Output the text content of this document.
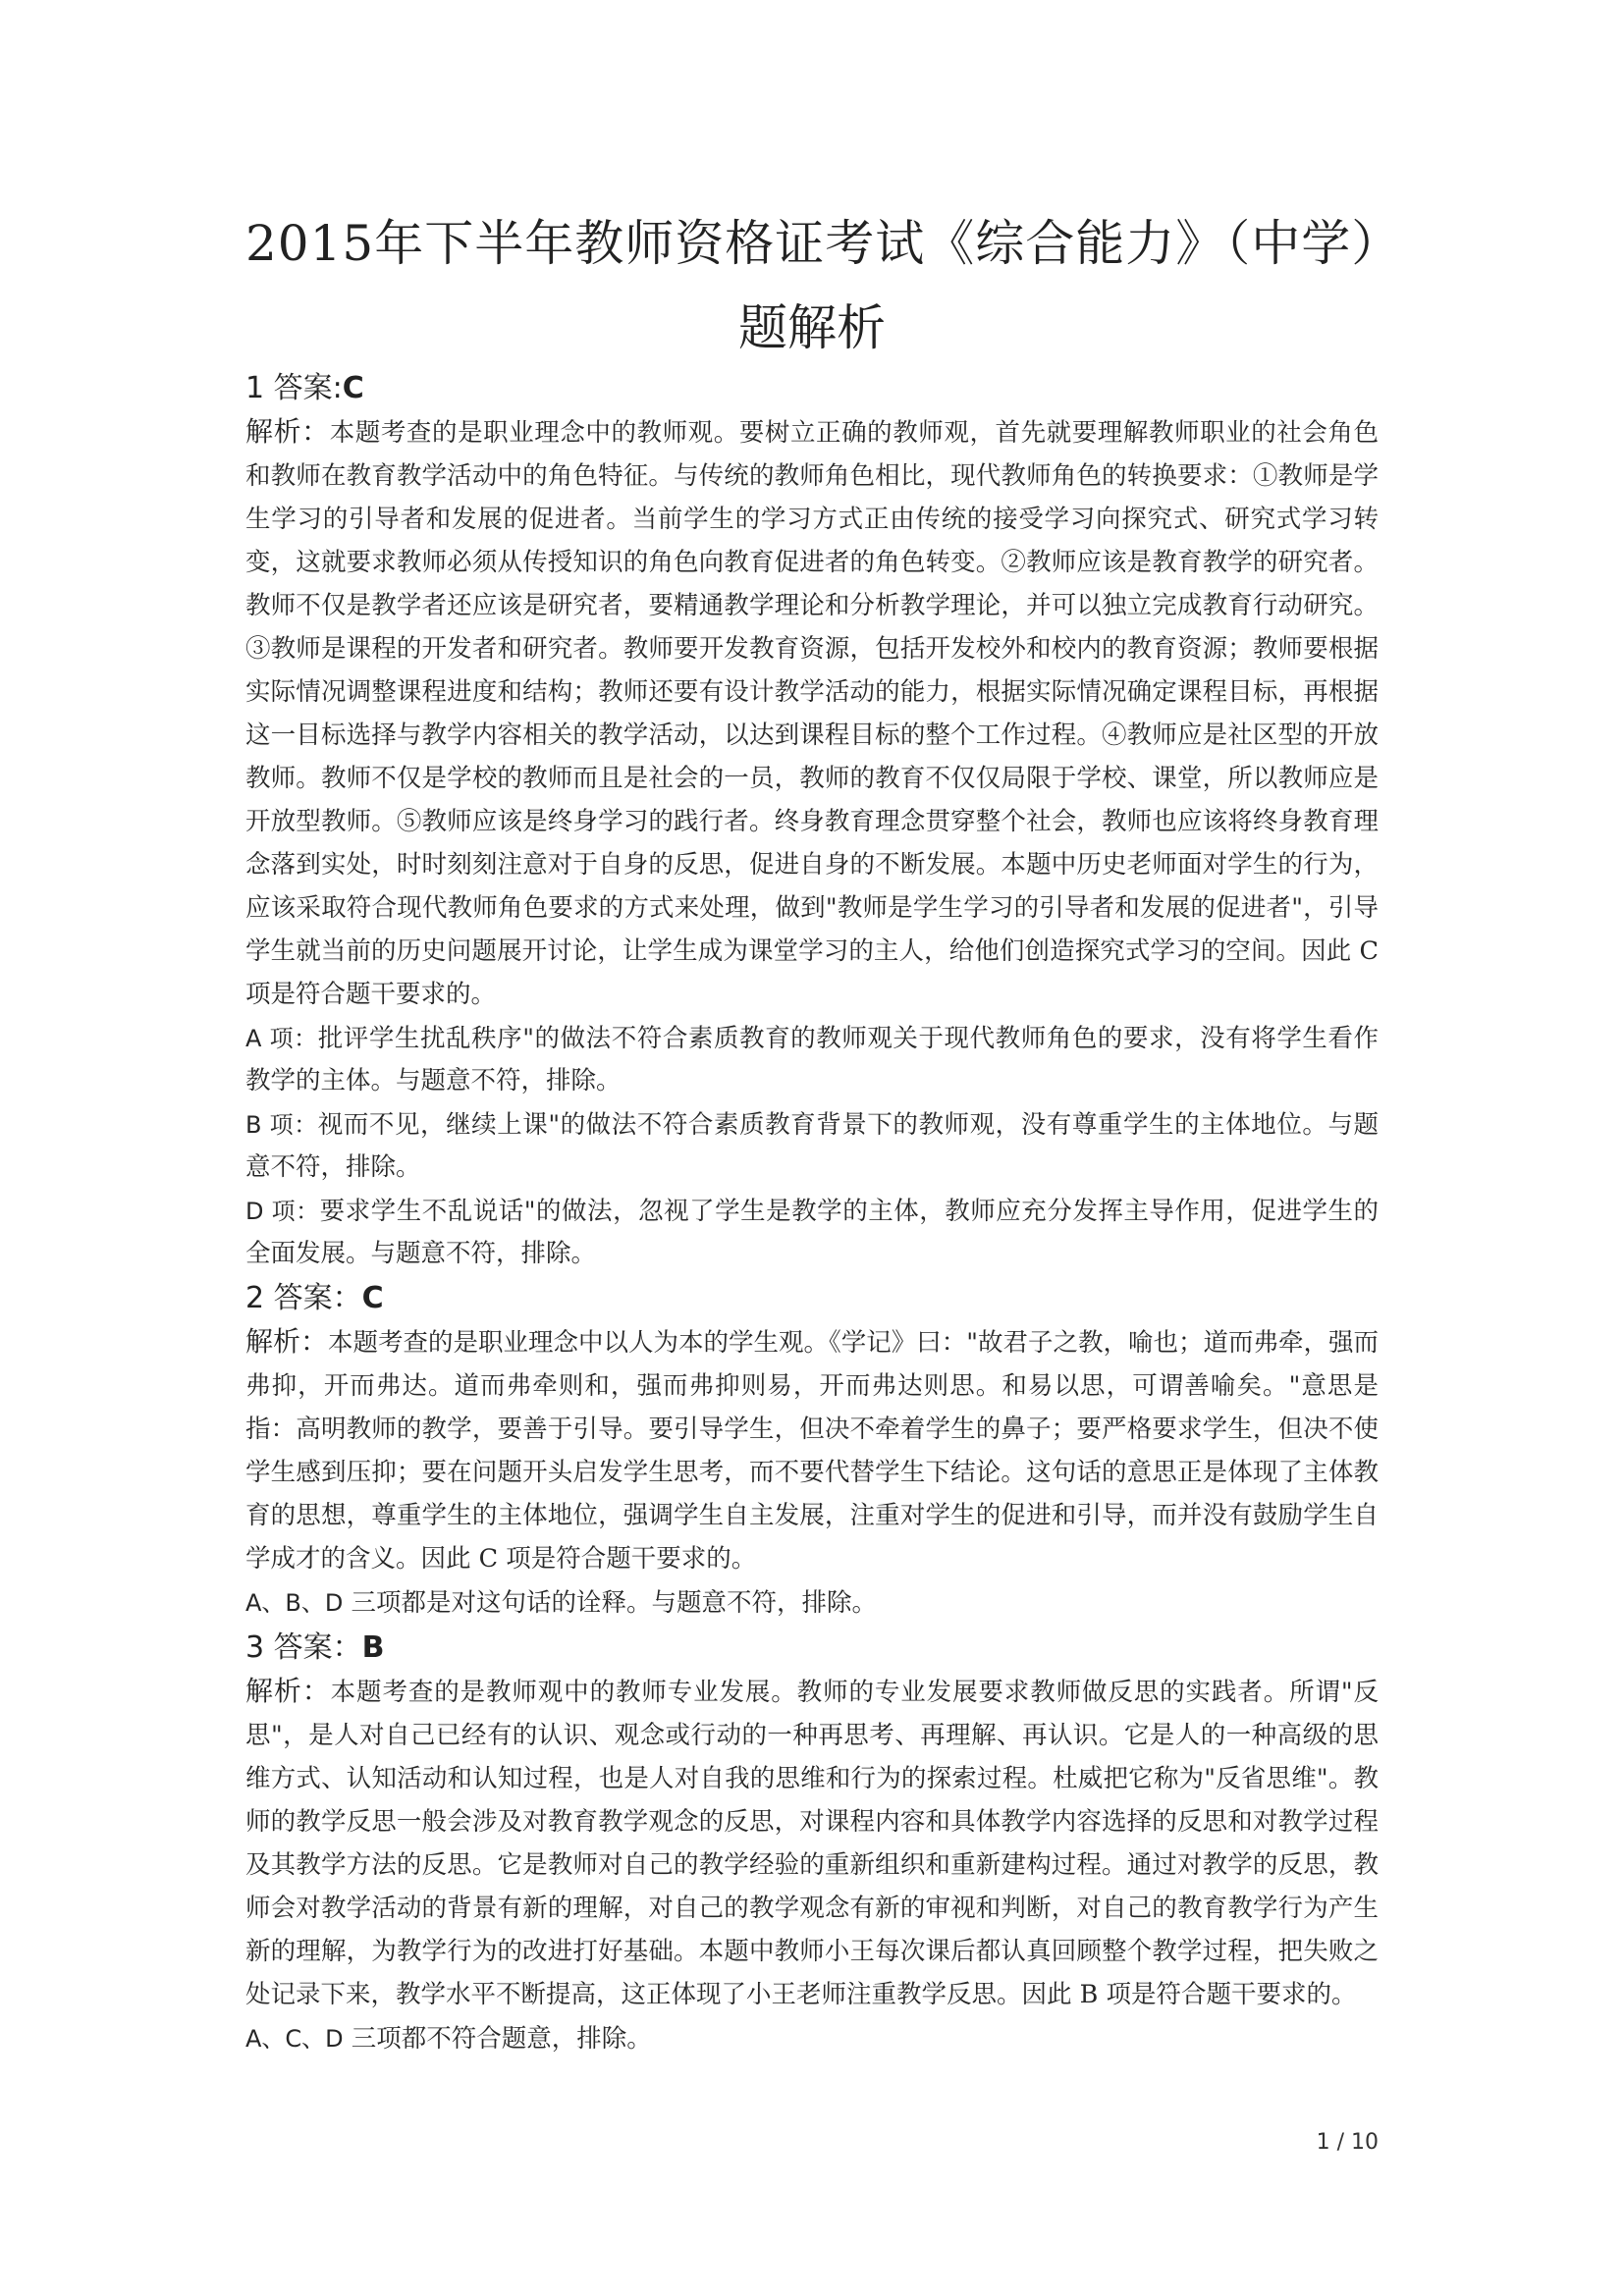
2015年下半年教师资格证考试《综合能力》（中学）
题解析

1 答案:C

解析：本题考查的是职业理念中的教师观。要树立正确的教师观，首先就要理解教师职业的社会角色和教师在教育教学活动中的角色特征。与传统的教师角色相比，现代教师角色的转换要求：①教师是学生学习的引导者和发展的促进者。当前学生的学习方式正由传统的接受学习向探究式、研究式学习转变，这就要求教师必须从传授知识的角色向教育促进者的角色转变。②教师应该是教育教学的研究者。教师不仅是教学者还应该是研究者，要精通教学理论和分析教学理论，并可以独立完成教育行动研究。③教师是课程的开发者和研究者。教师要开发教育资源，包括开发校外和校内的教育资源；教师要根据实际情况调整课程进度和结构；教师还要有设计教学活动的能力，根据实际情况确定课程目标，再根据这一目标选择与教学内容相关的教学活动，以达到课程目标的整个工作过程。④教师应是社区型的开放教师。教师不仅是学校的教师而且是社会的一员，教师的教育不仅仅局限于学校、课堂，所以教师应是开放型教师。⑤教师应该是终身学习的践行者。终身教育理念贯穿整个社会，教师也应该将终身教育理念落到实处，时时刻刻注意对于自身的反思，促进自身的不断发展。本题中历史老师面对学生的行为，应该采取符合现代教师角色要求的方式来处理，做到"教师是学生学习的引导者和发展的促进者"，引导学生就当前的历史问题展开讨论，让学生成为课堂学习的主人，给他们创造探究式学习的空间。因此 C 项是符合题干要求的。

A 项：批评学生扰乱秩序"的做法不符合素质教育的教师观关于现代教师角色的要求，没有将学生看作教学的主体。与题意不符，排除。

B 项：视而不见，继续上课"的做法不符合素质教育背景下的教师观，没有尊重学生的主体地位。与题意不符，排除。

D 项：要求学生不乱说话"的做法，忽视了学生是教学的主体，教师应充分发挥主导作用，促进学生的全面发展。与题意不符，排除。

2 答案：C

解析：本题考查的是职业理念中以人为本的学生观。《学记》曰："故君子之教，喻也；道而弗牵，强而弗抑，开而弗达。道而弗牵则和，强而弗抑则易，开而弗达则思。和易以思，可谓善喻矣。"意思是指：高明教师的教学，要善于引导。要引导学生，但决不牵着学生的鼻子；要严格要求学生，但决不使学生感到压抑；要在问题开头启发学生思考，而不要代替学生下结论。这句话的意思正是体现了主体教育的思想，尊重学生的主体地位，强调学生自主发展，注重对学生的促进和引导，而并没有鼓励学生自学成才的含义。因此 C 项是符合题干要求的。

A、B、D 三项都是对这句话的诠释。与题意不符，排除。

3 答案：B

解析：本题考查的是教师观中的教师专业发展。教师的专业发展要求教师做反思的实践者。所谓"反思"，是人对自己已经有的认识、观念或行动的一种再思考、再理解、再认识。它是人的一种高级的思维方式、认知活动和认知过程，也是人对自我的思维和行为的探索过程。杜威把它称为"反省思维"。教师的教学反思一般会涉及对教育教学观念的反思，对课程内容和具体教学内容选择的反思和对教学过程及其教学方法的反思。它是教师对自己的教学经验的重新组织和重新建构过程。通过对教学的反思，教师会对教学活动的背景有新的理解，对自己的教学观念有新的审视和判断，对自己的教育教学行为产生新的理解，为教学行为的改进打好基础。本题中教师小王每次课后都认真回顾整个教学过程，把失败之处记录下来，教学水平不断提高，这正体现了小王老师注重教学反思。因此 B 项是符合题干要求的。

A、C、D 三项都不符合题意，排除。

1 / 10
